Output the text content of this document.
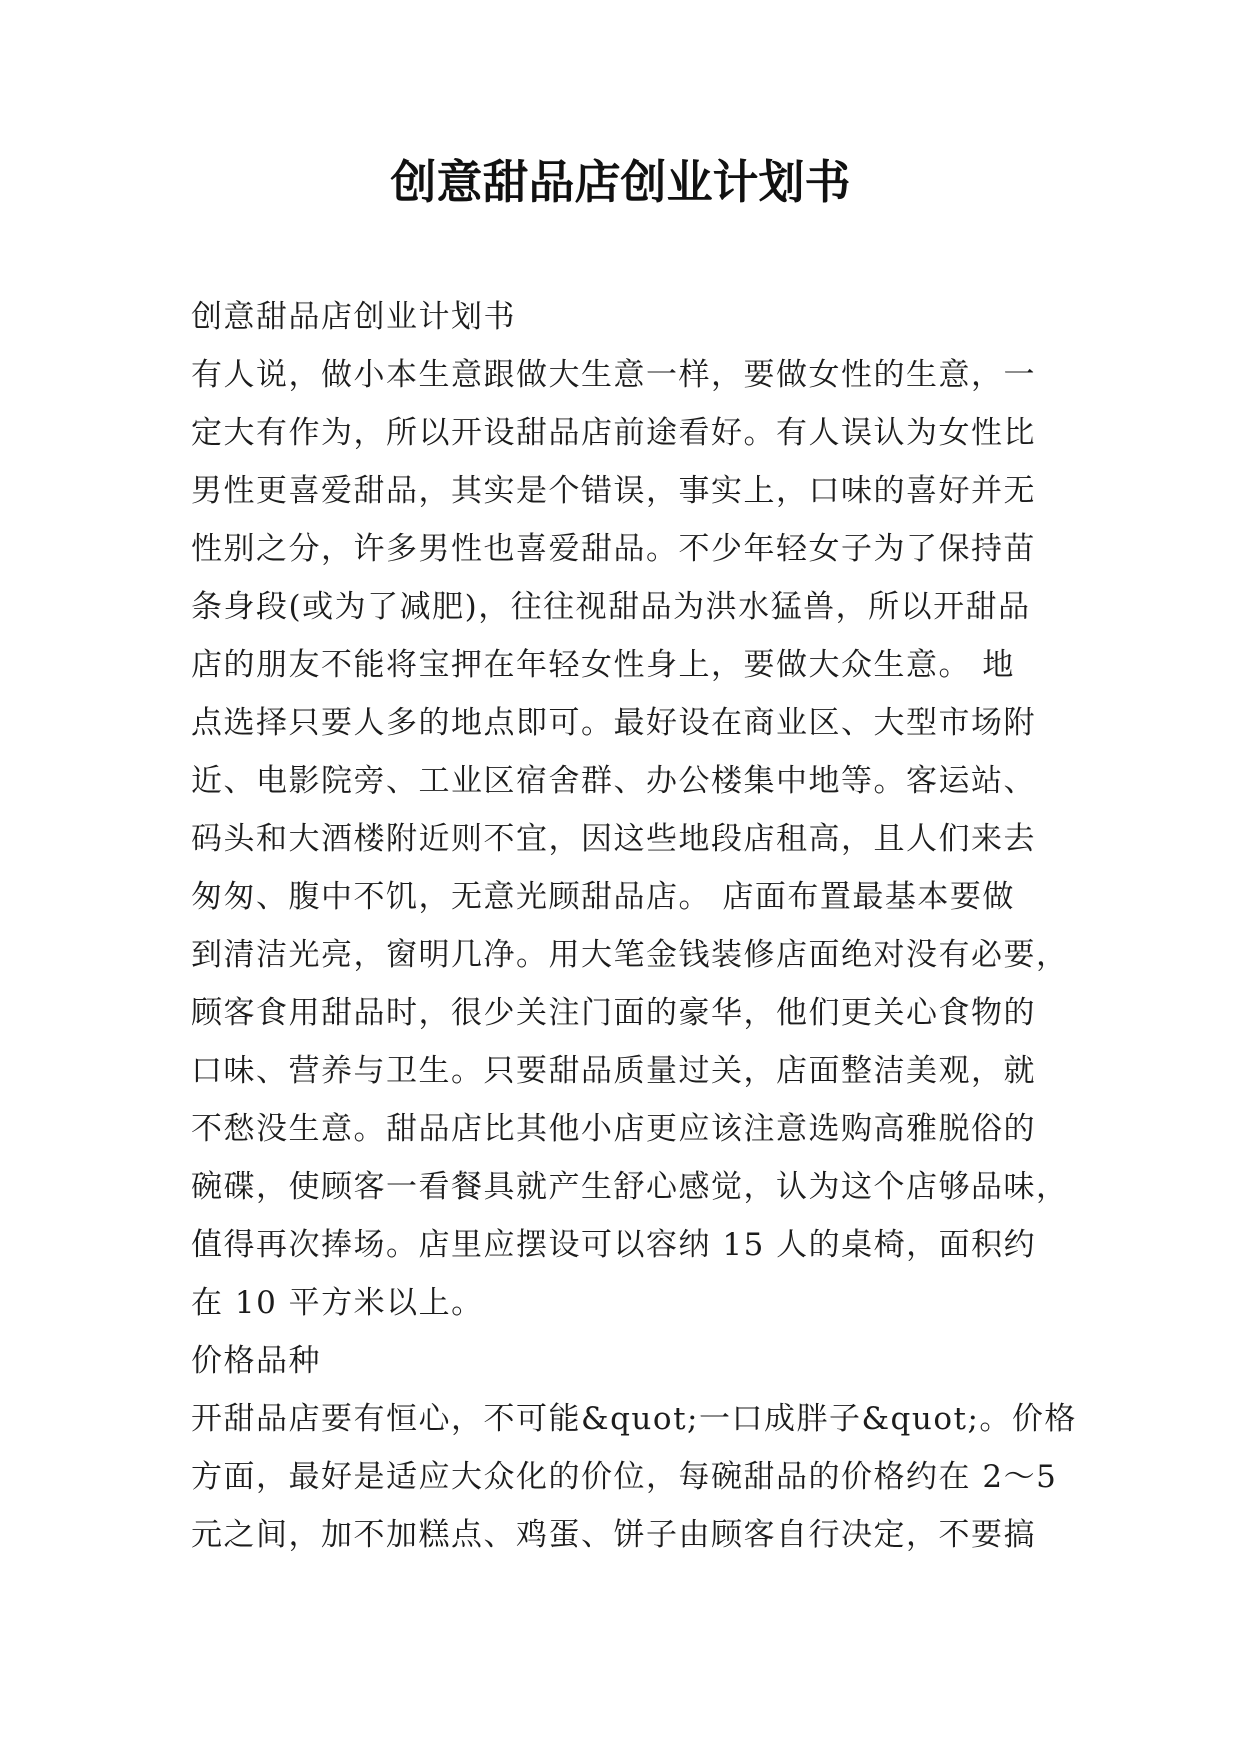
创意甜品店创业计划书
创意甜品店创业计划书
有人说，做小本生意跟做大生意一样，要做女性的生意，一
定大有作为，所以开设甜品店前途看好。有人误认为女性比
男性更喜爱甜品，其实是个错误，事实上，口味的喜好并无
性别之分，许多男性也喜爱甜品。不少年轻女子为了保持苗
条身段(或为了减肥)，往往视甜品为洪水猛兽，所以开甜品
店的朋友不能将宝押在年轻女性身上，要做大众生意。 地
点选择只要人多的地点即可。最好设在商业区、大型市场附
近、电影院旁、工业区宿舍群、办公楼集中地等。客运站、
码头和大酒楼附近则不宜，因这些地段店租高，且人们来去
匆匆、腹中不饥，无意光顾甜品店。 店面布置最基本要做
到清洁光亮，窗明几净。用大笔金钱装修店面绝对没有必要，
顾客食用甜品时，很少关注门面的豪华，他们更关心食物的
口味、营养与卫生。只要甜品质量过关，店面整洁美观，就
不愁没生意。甜品店比其他小店更应该注意选购高雅脱俗的
碗碟，使顾客一看餐具就产生舒心感觉，认为这个店够品味，
值得再次捧场。店里应摆设可以容纳 15 人的桌椅，面积约
在 10 平方米以上。
价格品种
开甜品店要有恒心，不可能&quot;一口成胖子&quot;。价格
方面，最好是适应大众化的价位，每碗甜品的价格约在 2～5
元之间，加不加糕点、鸡蛋、饼子由顾客自行决定，不要搞
